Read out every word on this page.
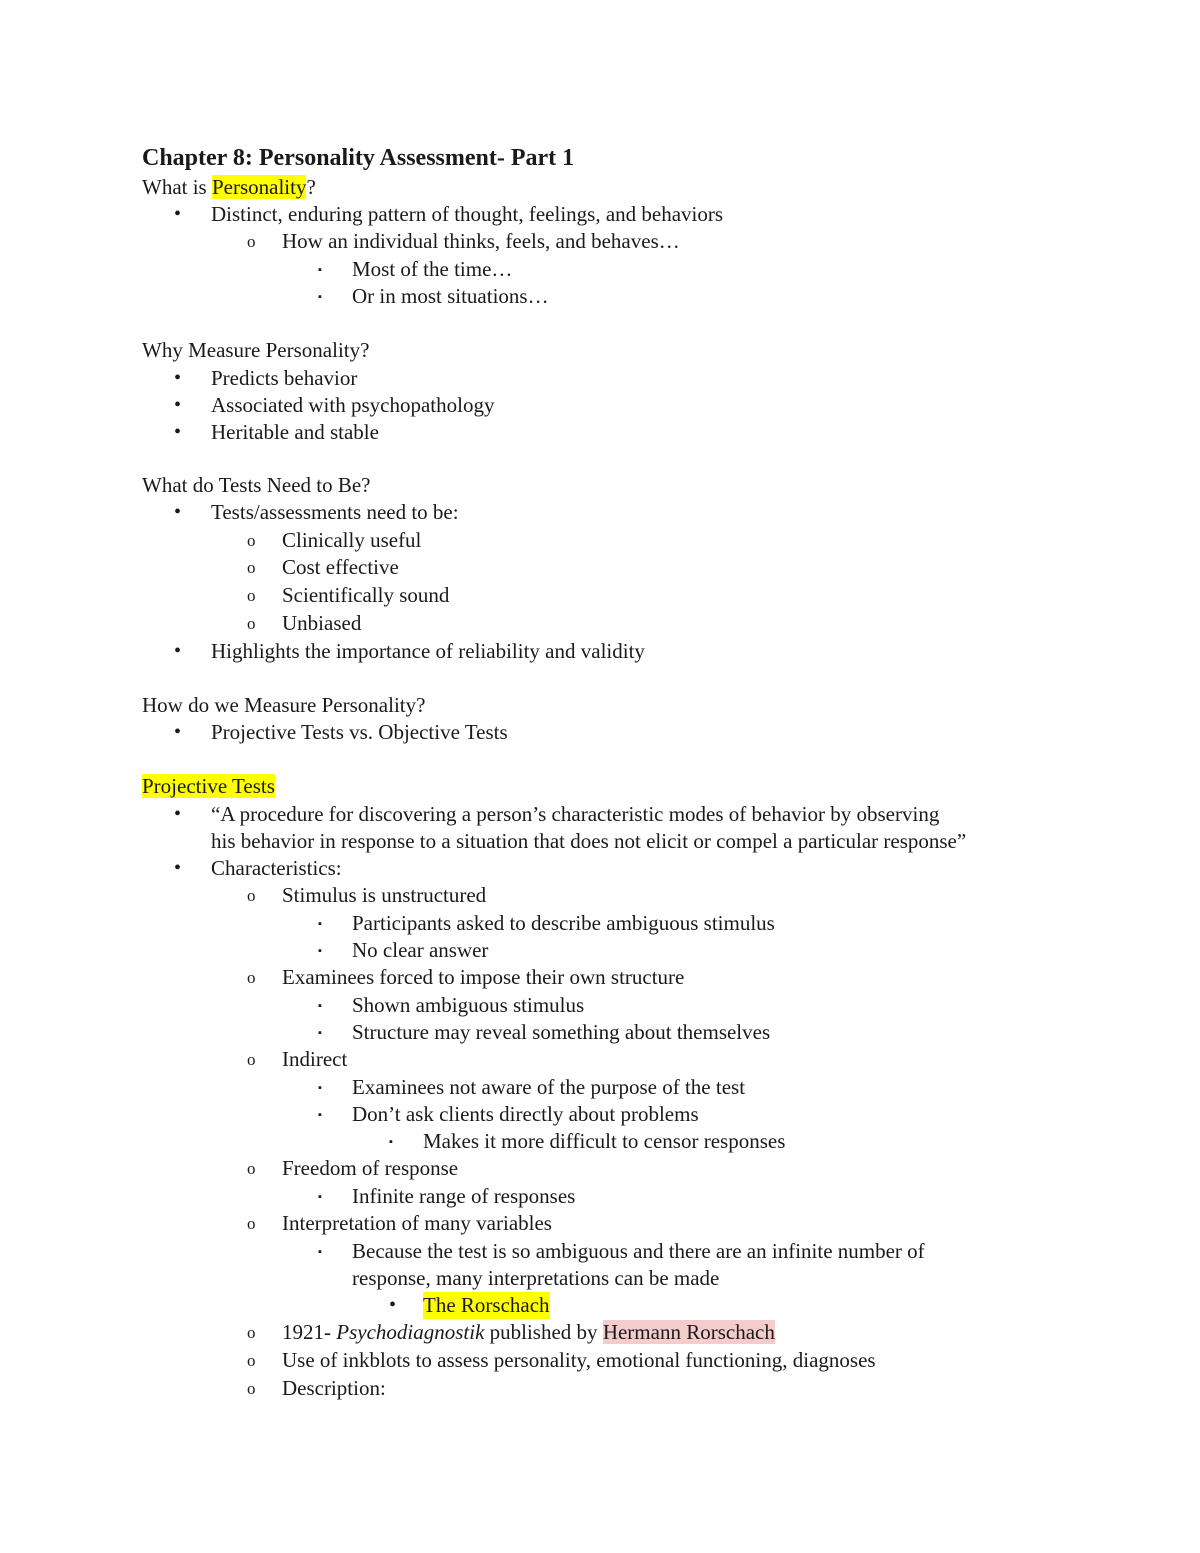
Chapter 8: Personality Assessment- Part 1
What is Personality?
• Distinct, enduring pattern of thought, feelings, and behaviors
o How an individual thinks, feels, and behaves…
▪ Most of the time…
▪ Or in most situations…
Why Measure Personality?
• Predicts behavior
• Associated with psychopathology
• Heritable and stable
What do Tests Need to Be?
• Tests/assessments need to be:
o Clinically useful
o Cost effective
o Scientifically sound
o Unbiased
• Highlights the importance of reliability and validity
How do we Measure Personality?
• Projective Tests vs. Objective Tests
Projective Tests
• “A procedure for discovering a person’s characteristic modes of behavior by observing
his behavior in response to a situation that does not elicit or compel a particular response”
• Characteristics:
o Stimulus is unstructured
▪ Participants asked to describe ambiguous stimulus
▪ No clear answer
o Examinees forced to impose their own structure
▪ Shown ambiguous stimulus
▪ Structure may reveal something about themselves
o Indirect
▪ Examinees not aware of the purpose of the test
▪ Don’t ask clients directly about problems
▪ Makes it more difficult to censor responses
o Freedom of response
▪ Infinite range of responses
o Interpretation of many variables
▪ Because the test is so ambiguous and there are an infinite number of
response, many interpretations can be made
• The Rorschach
o 1921- Psychodiagnostik published by Hermann Rorschach
o Use of inkblots to assess personality, emotional functioning, diagnoses
o Description:
